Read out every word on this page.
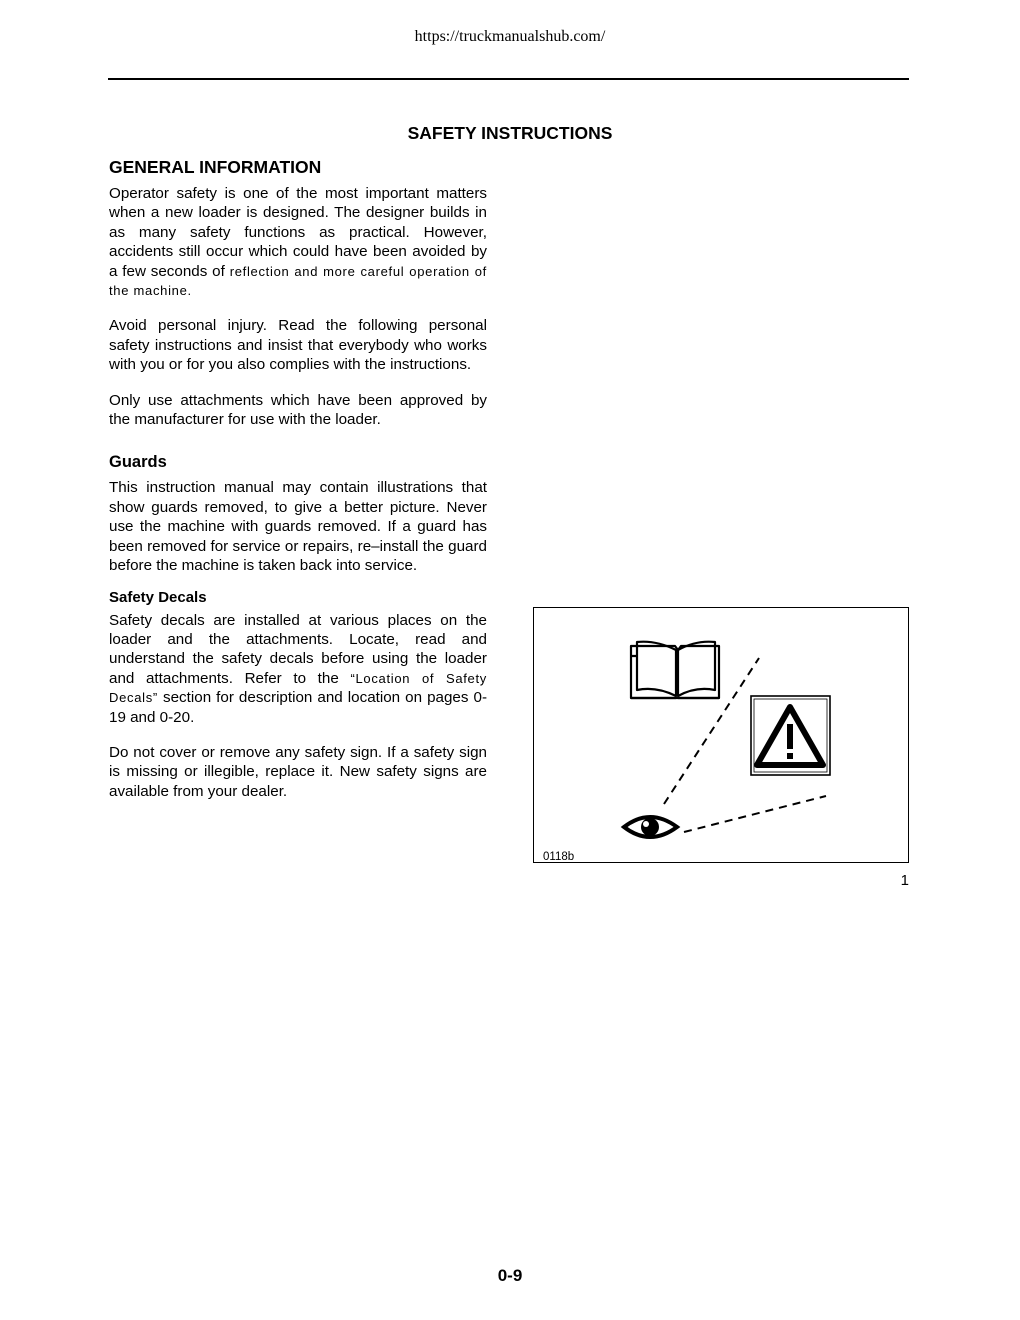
https://truckmanualshub.com/
SAFETY INSTRUCTIONS
GENERAL INFORMATION

Operator safety is one of the most important matters when a new loader is designed. The designer builds in as many safety functions as practical. However, accidents still occur which could have been avoided by a few seconds of reflection and more careful operation of the machine.

Avoid personal injury. Read the following personal safety instructions and insist that everybody who works with you or for you also complies with the instructions.

Only use attachments which have been approved by the manufacturer for use with the loader.

Guards

This instruction manual may contain illustrations that show guards removed, to give a better picture. Never use the machine with guards removed. If a guard has been removed for service or repairs, re–install the guard before the machine is taken back into service.

Safety Decals

Safety decals are installed at various places on the loader and the attachments. Locate, read and understand the safety decals before using the loader and attachments. Refer to the “Location of Safety Decals” section for description and location on pages 0-19 and 0-20.

Do not cover or remove any safety sign. If a safety sign is missing or illegible, replace it. New safety signs are available from your dealer.

0118b
1
0-9
